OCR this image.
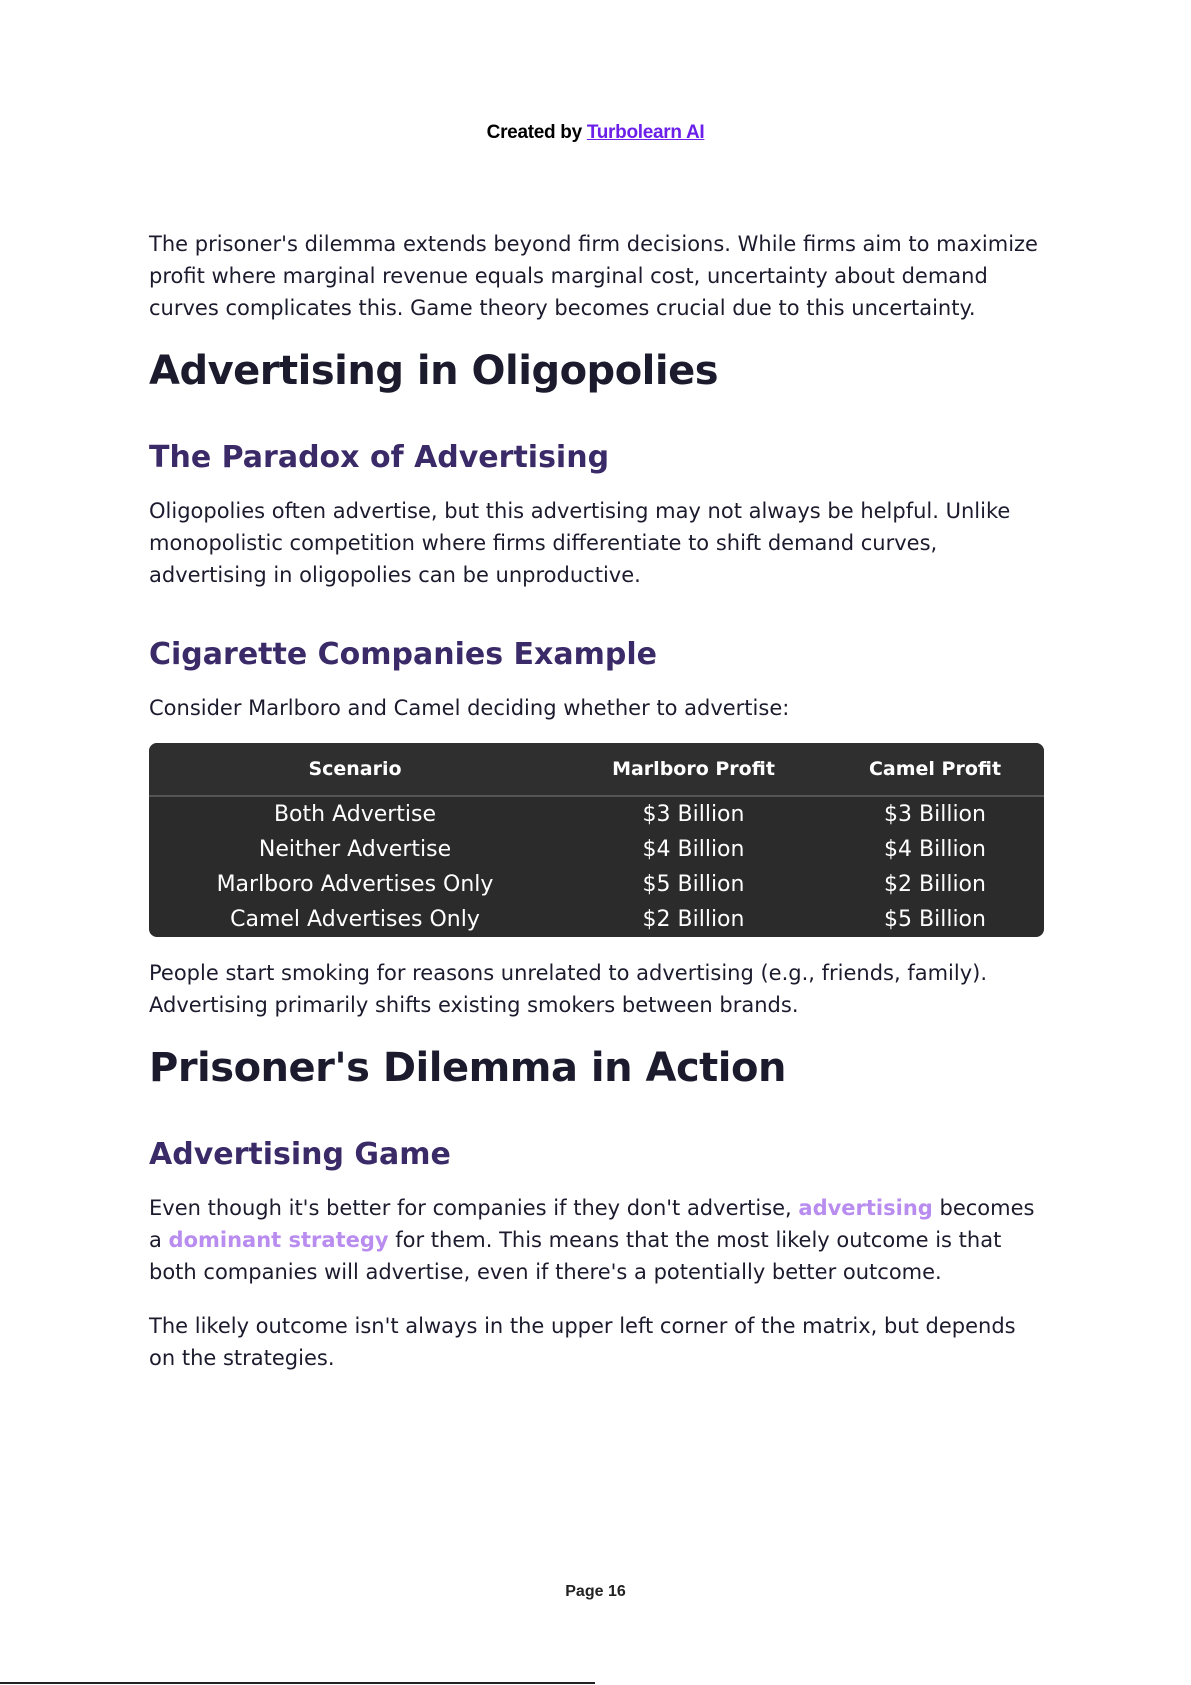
Created by Turbolearn AI

The prisoner's dilemma extends beyond firm decisions. While firms aim to maximize profit where marginal revenue equals marginal cost, uncertainty about demand curves complicates this. Game theory becomes crucial due to this uncertainty.

Advertising in Oligopolies
The Paradox of Advertising

Oligopolies often advertise, but this advertising may not always be helpful. Unlike monopolistic competition where firms differentiate to shift demand curves, advertising in oligopolies can be unproductive.

Cigarette Companies Example

Consider Marlboro and Camel deciding whether to advertise:

Scenario	Marlboro Profit	Camel Profit
Both Advertise	$3 Billion	$3 Billion
Neither Advertise	$4 Billion	$4 Billion
Marlboro Advertises Only	$5 Billion	$2 Billion
Camel Advertises Only	$2 Billion	$5 Billion

People start smoking for reasons unrelated to advertising (e.g., friends, family). Advertising primarily shifts existing smokers between brands.

Prisoner's Dilemma in Action
Advertising Game

Even though it's better for companies if they don't advertise, advertising becomes a dominant strategy for them. This means that the most likely outcome is that both companies will advertise, even if there's a potentially better outcome.

The likely outcome isn't always in the upper left corner of the matrix, but depends on the strategies.

Page 16
